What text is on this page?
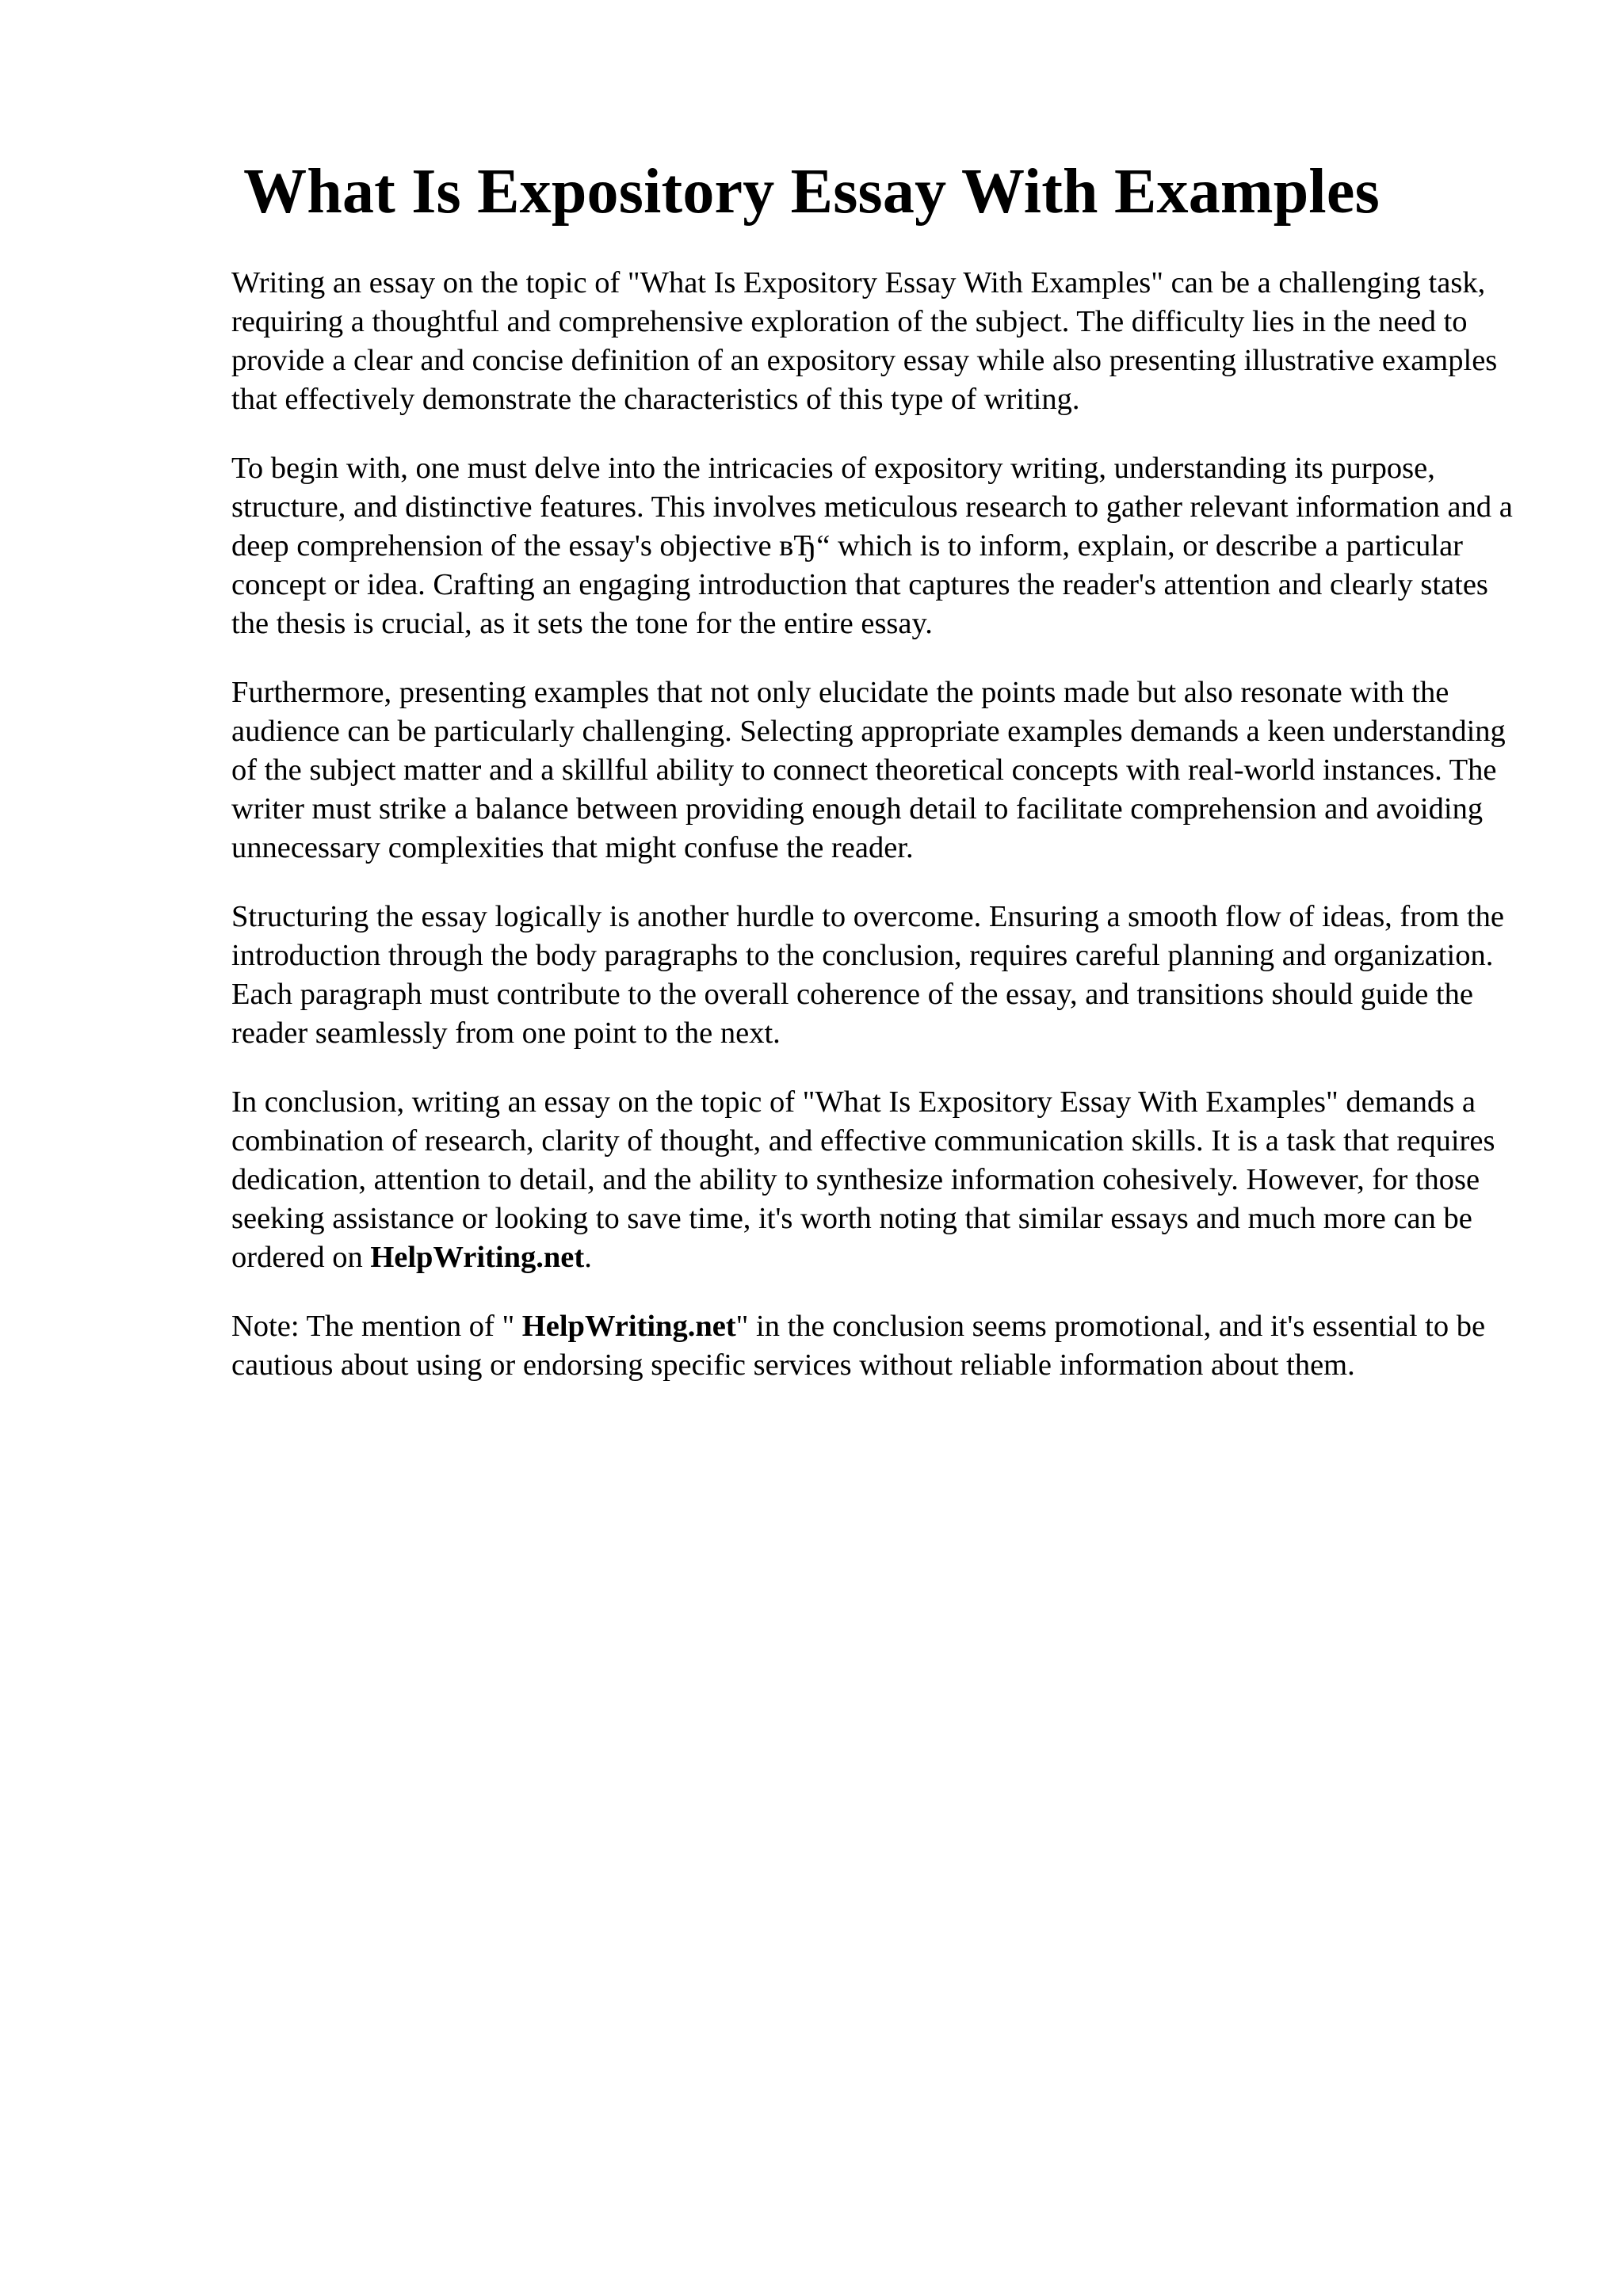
What Is Expository Essay With Examples

Writing an essay on the topic of "What Is Expository Essay With Examples" can be a challenging task, requiring a thoughtful and comprehensive exploration of the subject. The difficulty lies in the need to provide a clear and concise definition of an expository essay while also presenting illustrative examples that effectively demonstrate the characteristics of this type of writing.

To begin with, one must delve into the intricacies of expository writing, understanding its purpose, structure, and distinctive features. This involves meticulous research to gather relevant information and a deep comprehension of the essay's objective вЂ“ which is to inform, explain, or describe a particular concept or idea. Crafting an engaging introduction that captures the reader's attention and clearly states the thesis is crucial, as it sets the tone for the entire essay.

Furthermore, presenting examples that not only elucidate the points made but also resonate with the audience can be particularly challenging. Selecting appropriate examples demands a keen understanding of the subject matter and a skillful ability to connect theoretical concepts with real-world instances. The writer must strike a balance between providing enough detail to facilitate comprehension and avoiding unnecessary complexities that might confuse the reader.

Structuring the essay logically is another hurdle to overcome. Ensuring a smooth flow of ideas, from the introduction through the body paragraphs to the conclusion, requires careful planning and organization. Each paragraph must contribute to the overall coherence of the essay, and transitions should guide the reader seamlessly from one point to the next.

In conclusion, writing an essay on the topic of "What Is Expository Essay With Examples" demands a combination of research, clarity of thought, and effective communication skills. It is a task that requires dedication, attention to detail, and the ability to synthesize information cohesively. However, for those seeking assistance or looking to save time, it's worth noting that similar essays and much more can be ordered on HelpWriting.net.

Note: The mention of " HelpWriting.net" in the conclusion seems promotional, and it's essential to be cautious about using or endorsing specific services without reliable information about them.
